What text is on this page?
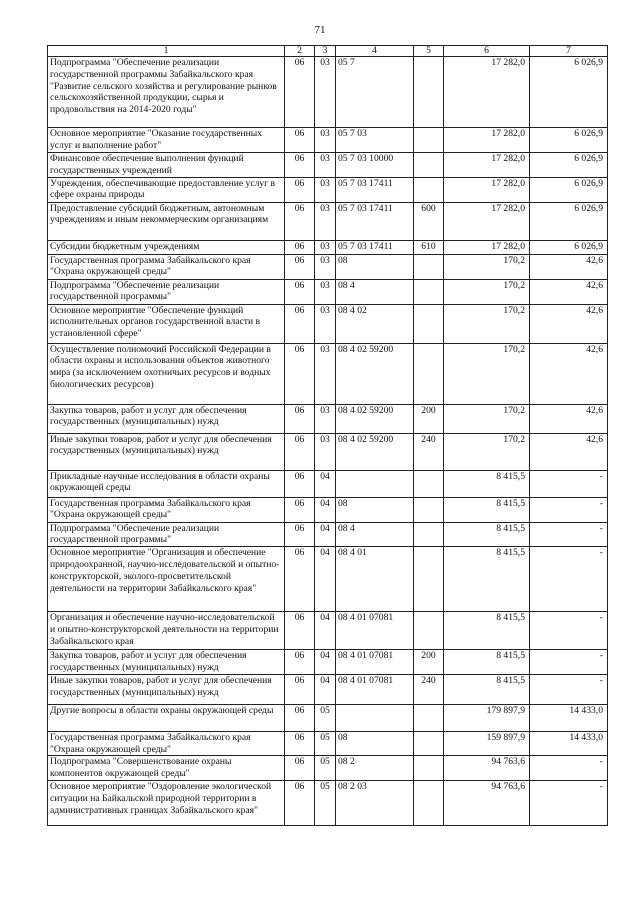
71
1	2	3	4	5	6	7
Подпрограмма "Обеспечение реализации государственной программы Забайкальского края "Развитие сельского хозяйства и регулирование рынков сельскохозяйственной продукции, сырья и продовольствия на 2014-2020 годы"	06	03	05 7		17 282,0	6 026,9
Основное мероприятие "Оказание государственных услуг и выполнение работ"	06	03	05 7 03		17 282,0	6 026,9
Финансовое обеспечение выполнения функций государственных учреждений	06	03	05 7 03 10000		17 282,0	6 026,9
Учреждения, обеспечивающие предоставление услуг в сфере охраны природы	06	03	05 7 03 17411		17 282,0	6 026,9
Предоставление субсидий бюджетным, автономным учреждениям и иным некоммерческим организациям	06	03	05 7 03 17411	600	17 282,0	6 026,9
Субсидии бюджетным учреждениям	06	03	05 7 03 17411	610	17 282,0	6 026,9
Государственная программа Забайкальского края "Охрана окружающей среды"	06	03	08		170,2	42,6
Подпрограмма "Обеспечение реализации государственной программы"	06	03	08 4		170,2	42,6
Основное мероприятие "Обеспечение функций исполнительных органов государственной власти в установленной сфере"	06	03	08 4 02		170,2	42,6
Осуществление полномочий Российской Федерации в области охраны и использования объектов животного мира (за исключением охотничьих ресурсов и водных биологических ресурсов)	06	03	08 4 02 59200		170,2	42,6
Закупка товаров, работ и услуг для обеспечения государственных (муниципальных) нужд	06	03	08 4 02 59200	200	170,2	42,6
Иные закупки товаров, работ и услуг для обеспечения государственных (муниципальных) нужд	06	03	08 4 02 59200	240	170,2	42,6
Прикладные научные исследования в области охраны окружающей среды	06	04			8 415,5	-
Государственная программа Забайкальского края "Охрана окружающей среды"	06	04	08		8 415,5	-
Подпрограмма "Обеспечение реализации государственной программы"	06	04	08 4		8 415,5	-
Основное мероприятие "Организация и обеспечение природоохранной, научно-исследовательской и опытно- конструкторской, эколого-просветительской деятельности на территории Забайкальского края"	06	04	08 4 01		8 415,5	-
Организация и обеспечение научно-исследовательской и опытно-конструкторской деятельности на территории Забайкальского края	06	04	08 4 01 07081		8 415,5	-
Закупка товаров, работ и услуг для обеспечения государственных (муниципальных) нужд	06	04	08 4 01 07081	200	8 415,5	-
Иные закупки товаров, работ и услуг для обеспечения государственных (муниципальных) нужд	06	04	08 4 01 07081	240	8 415,5	-
Другие вопросы в области охраны окружающей среды	06	05			179 897,9	14 433,0
Государственная программа Забайкальского края "Охрана окружающей среды"	06	05	08		159 897,9	14 433,0
Подпрограмма "Совершенствование охраны компонентов окружающей среды"	06	05	08 2		94 763,6	-
Основное мероприятие "Оздоровление экологической ситуации на Байкальской природной территории в административных границах Забайкальского края"	06	05	08 2 03		94 763,6	-
